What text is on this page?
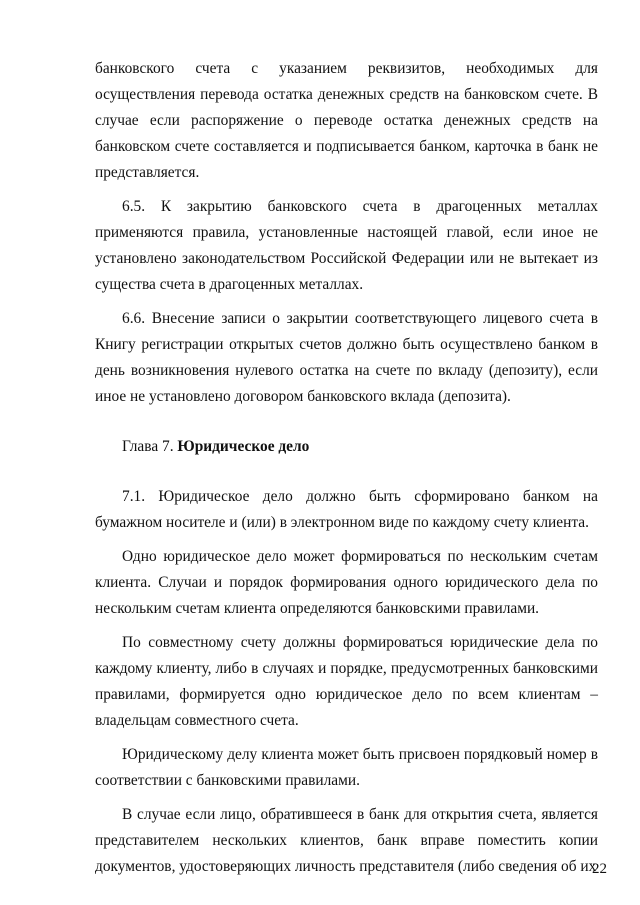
банковского счета с указанием реквизитов, необходимых для осуществления перевода остатка денежных средств на банковском счете. В случае если распоряжение о переводе остатка денежных средств на банковском счете составляется и подписывается банком, карточка в банк не представляется.

6.5. К закрытию банковского счета в драгоценных металлах применяются правила, установленные настоящей главой, если иное не установлено законодательством Российской Федерации или не вытекает из существа счета в драгоценных металлах.

6.6. Внесение записи о закрытии соответствующего лицевого счета в Книгу регистрации открытых счетов должно быть осуществлено банком в день возникновения нулевого остатка на счете по вкладу (депозиту), если иное не установлено договором банковского вклада (депозита).

Глава 7. Юридическое дело

7.1. Юридическое дело должно быть сформировано банком на бумажном носителе и (или) в электронном виде по каждому счету клиента.

Одно юридическое дело может формироваться по нескольким счетам клиента. Случаи и порядок формирования одного юридического дела по нескольким счетам клиента определяются банковскими правилами.

По совместному счету должны формироваться юридические дела по каждому клиенту, либо в случаях и порядке, предусмотренных банковскими правилами, формируется одно юридическое дело по всем клиентам – владельцам совместного счета.

Юридическому делу клиента может быть присвоен порядковый номер в соответствии с банковскими правилами.

В случае если лицо, обратившееся в банк для открытия счета, является представителем нескольких клиентов, банк вправе поместить копии документов, удостоверяющих личность представителя (либо сведения об их

22
